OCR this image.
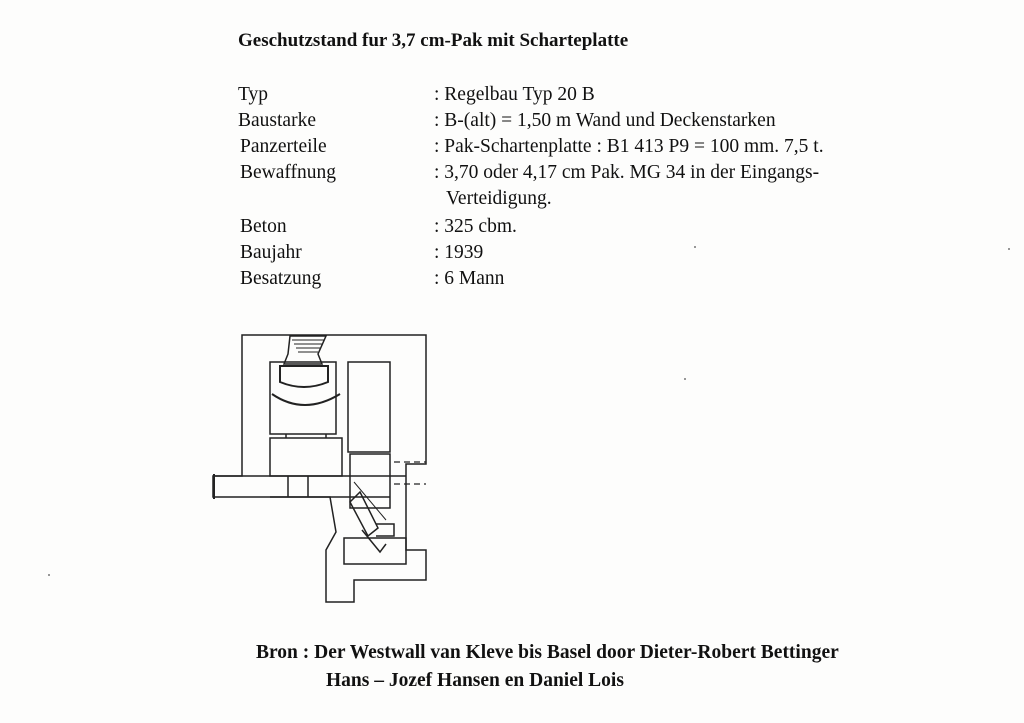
Geschutzstand fur 3,7 cm-Pak mit Scharteplatte
Typ	: Regelbau Typ 20 B
Baustarke	: B-(alt) = 1,50 m Wand und Deckenstarken
Panzerteile	: Pak-Schartenplatte : B1 413 P9 = 100 mm. 7,5 t.
Bewaffnung	: 3,70 oder 4,17 cm Pak. MG 34 in der Eingangs-
Verteidigung.
Beton	: 325 cbm.
Baujahr	: 1939
Besatzung	: 6 Mann
Bron : Der Westwall van Kleve bis Basel door Dieter-Robert Bettinger
Hans – Jozef Hansen en Daniel Lois
